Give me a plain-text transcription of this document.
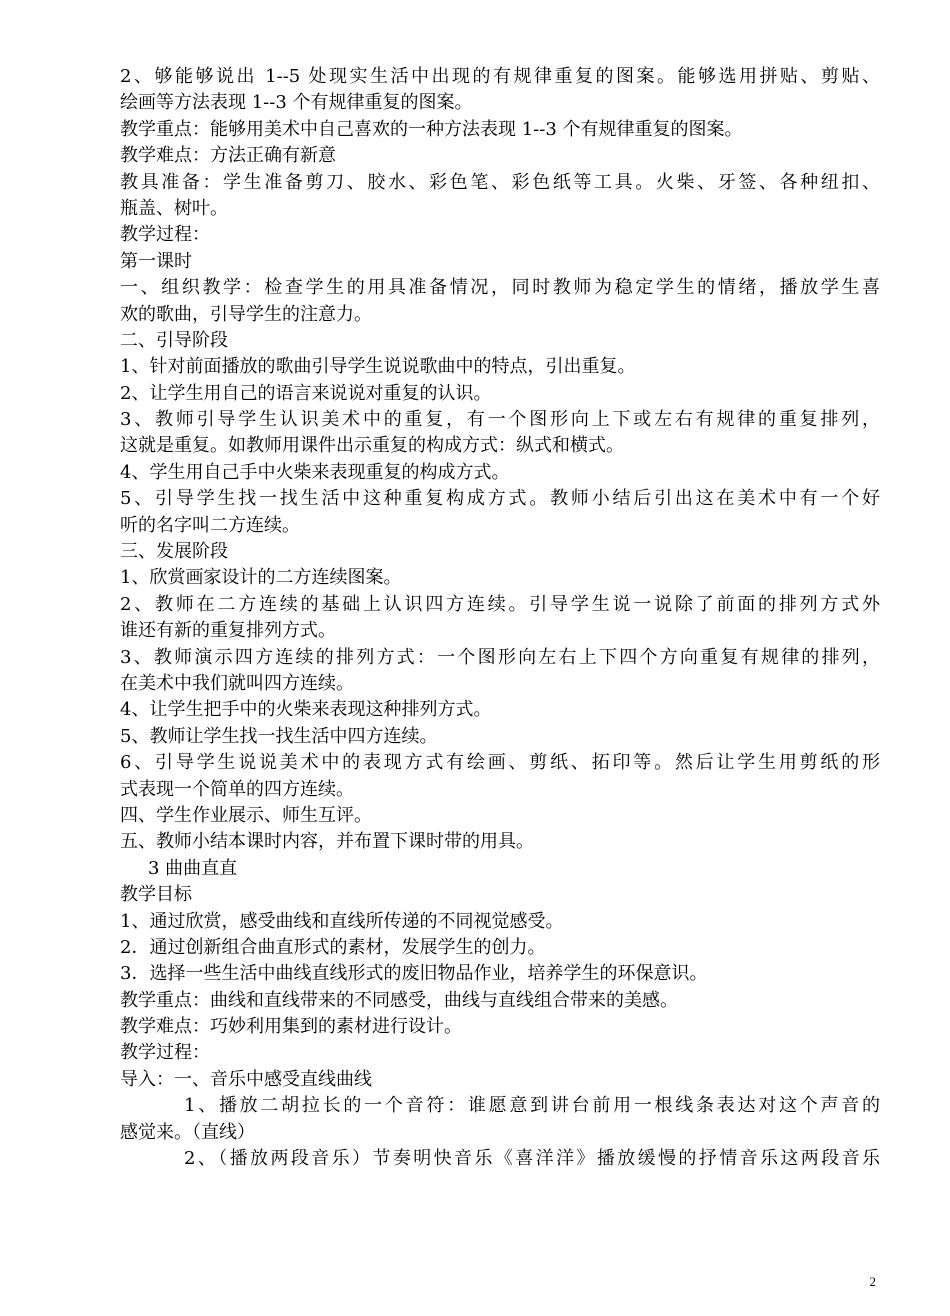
2、够能够说出 1--5 处现实生活中出现的有规律重复的图案。能够选用拼贴、剪贴、
绘画等方法表现 1--3 个有规律重复的图案。
教学重点：能够用美术中自己喜欢的一种方法表现 1--3 个有规律重复的图案。
教学难点：方法正确有新意
教具准备：学生准备剪刀、胶水、彩色笔、彩色纸等工具。火柴、牙签、各种纽扣、
瓶盖、树叶。
教学过程：
第一课时
一、组织教学：检查学生的用具准备情况，同时教师为稳定学生的情绪，播放学生喜
欢的歌曲，引导学生的注意力。
二、引导阶段
1、针对前面播放的歌曲引导学生说说歌曲中的特点，引出重复。
2、让学生用自己的语言来说说对重复的认识。
3、教师引导学生认识美术中的重复，有一个图形向上下或左右有规律的重复排列，
这就是重复。如教师用课件出示重复的构成方式：纵式和横式。
4、学生用自己手中火柴来表现重复的构成方式。
5、引导学生找一找生活中这种重复构成方式。教师小结后引出这在美术中有一个好
听的名字叫二方连续。
三、发展阶段
1、欣赏画家设计的二方连续图案。
2、教师在二方连续的基础上认识四方连续。引导学生说一说除了前面的排列方式外
谁还有新的重复排列方式。
3、教师演示四方连续的排列方式：一个图形向左右上下四个方向重复有规律的排列，
在美术中我们就叫四方连续。
4、让学生把手中的火柴来表现这种排列方式。
5、教师让学生找一找生活中四方连续。
6、引导学生说说美术中的表现方式有绘画、剪纸、拓印等。然后让学生用剪纸的形
式表现一个简单的四方连续。
四、学生作业展示、师生互评。
五、教师小结本课时内容，并布置下课时带的用具。
3 曲曲直直
教学目标
1、通过欣赏，感受曲线和直线所传递的不同视觉感受。
2．通过创新组合曲直形式的素材，发展学生的创力。
3．选择一些生活中曲线直线形式的废旧物品作业，培养学生的环保意识。
教学重点：曲线和直线带来的不同感受，曲线与直线组合带来的美感。
教学难点：巧妙利用集到的素材进行设计。
教学过程：
导入：一、音乐中感受直线曲线
1、播放二胡拉长的一个音符：谁愿意到讲台前用一根线条表达对这个声音的
感觉来。（直线）
2、（播放两段音乐）节奏明快音乐《喜洋洋》播放缓慢的抒情音乐这两段音乐
2
